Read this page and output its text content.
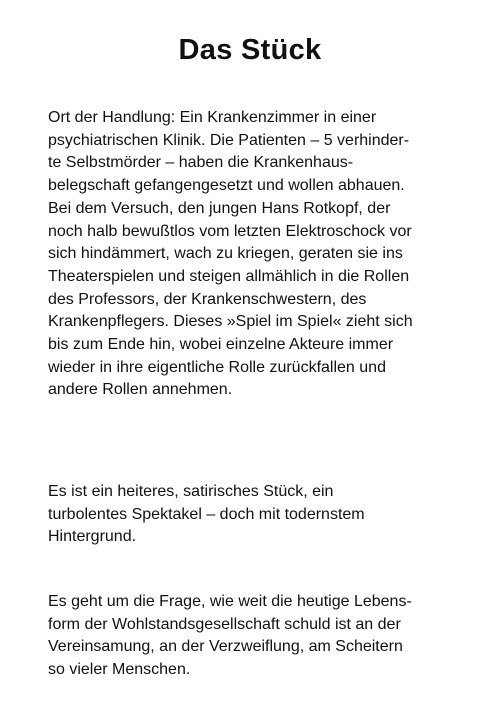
Das Stück
Ort der Handlung: Ein Krankenzimmer in einer
psychiatrischen Klinik. Die Patienten – 5 verhinder-
te Selbstmörder – haben die Krankenhaus-
belegschaft gefangengesetzt und wollen abhauen.
Bei dem Versuch, den jungen Hans Rotkopf, der
noch halb bewußtlos vom letzten Elektroschock vor
sich hindämmert, wach zu kriegen, geraten sie ins
Theaterspielen und steigen allmählich in die Rollen
des Professors, der Krankenschwestern, des
Krankenpflegers. Dieses »Spiel im Spiel« zieht sich
bis zum Ende hin, wobei einzelne Akteure immer
wieder in ihre eigentliche Rolle zurückfallen und
andere Rollen annehmen.
Es ist ein heiteres, satirisches Stück, ein
turbolentes Spektakel – doch mit todernstem
Hintergrund.
Es geht um die Frage, wie weit die heutige Lebens-
form der Wohlstandsgesellschaft schuld ist an der
Vereinsamung, an der Verzweiflung, am Scheitern
so vieler Menschen.
